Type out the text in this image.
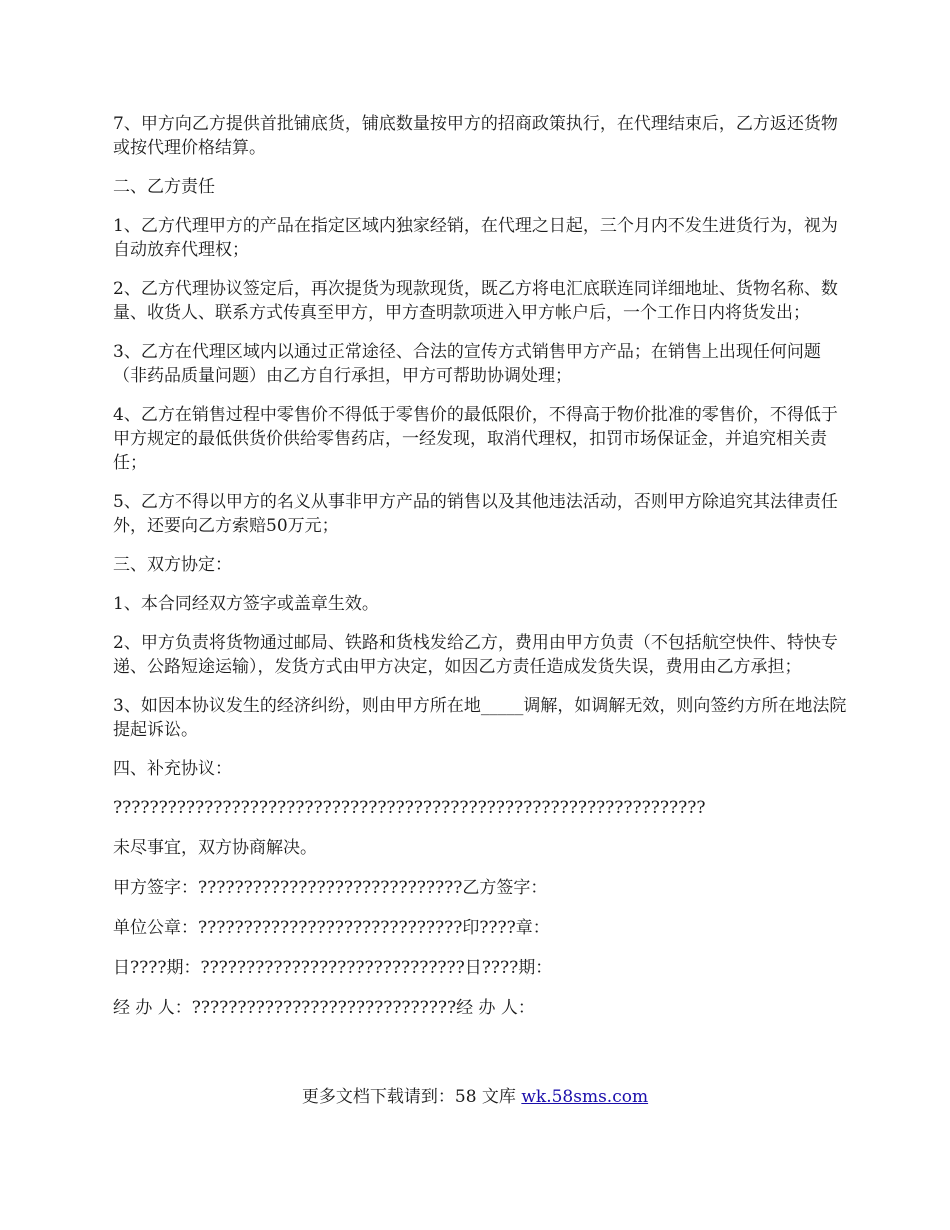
7、甲方向乙方提供首批铺底货，铺底数量按甲方的招商政策执行，在代理结束后，乙方返还货物或按代理价格结算。

二、乙方责任

1、乙方代理甲方的产品在指定区域内独家经销，在代理之日起，三个月内不发生进货行为，视为自动放弃代理权；

2、乙方代理协议签定后，再次提货为现款现货，既乙方将电汇底联连同详细地址、货物名称、数量、收货人、联系方式传真至甲方，甲方查明款项进入甲方帐户后，一个工作日内将货发出；

3、乙方在代理区域内以通过正常途径、合法的宣传方式销售甲方产品；在销售上出现任何问题（非药品质量问题）由乙方自行承担，甲方可帮助协调处理；

4、乙方在销售过程中零售价不得低于零售价的最低限价，不得高于物价批准的零售价，不得低于甲方规定的最低供货价供给零售药店，一经发现，取消代理权，扣罚市场保证金，并追究相关责任；

5、乙方不得以甲方的名义从事非甲方产品的销售以及其他违法活动，否则甲方除追究其法律责任外，还要向乙方索赔50万元；

三、双方协定：

1、本合同经双方签字或盖章生效。

2、甲方负责将货物通过邮局、铁路和货栈发给乙方，费用由甲方负责（不包括航空快件、特快专递、公路短途运输），发货方式由甲方决定，如因乙方责任造成发货失误，费用由乙方承担；

3、如因本协议发生的经济纠纷，则由甲方所在地_____调解，如调解无效，则向签约方所在地法院提起诉讼。

四、补充协议：

?????????????????????????????????????????????????????????????????

未尽事宜，双方协商解决。

甲方签字：?????????????????????????????乙方签字：

单位公章：?????????????????????????????印????章：

日????期：?????????????????????????????日????期：

经 办 人：?????????????????????????????经 办 人：

更多文档下载请到：58 文库 wk.58sms.com
